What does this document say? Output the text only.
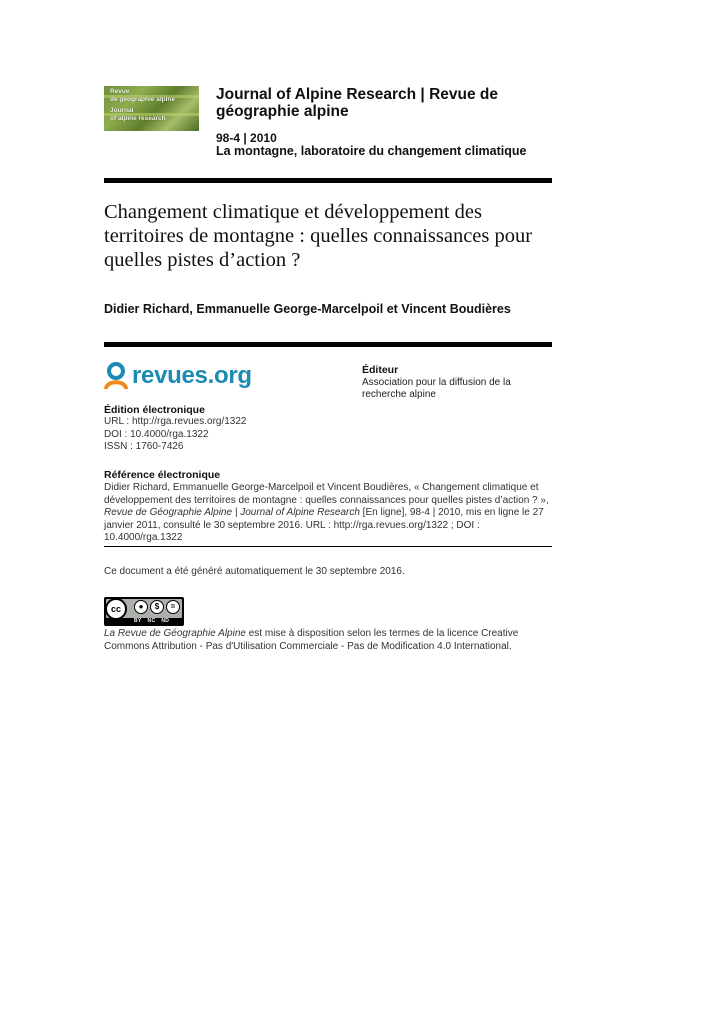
Revue
de géographie alpine
Journal
of alpine research
Journal of Alpine Research | Revue de géographie alpine
98-4 | 2010
La montagne, laboratoire du changement climatique
Changement climatique et développement des territoires de montagne : quelles connaissances pour quelles pistes d’action ?
Didier Richard, Emmanuelle George-Marcelpoil et Vincent Boudières
revues.org	Éditeur
Association pour la diffusion de la recherche alpine
Édition électronique
URL : http://rga.revues.org/1322
DOI : 10.4000/rga.1322
ISSN : 1760-7426
Référence électronique
Didier Richard, Emmanuelle George-Marcelpoil et Vincent Boudières, « Changement climatique et développement des territoires de montagne : quelles connaissances pour quelles pistes d’action ? », Revue de Géographie Alpine | Journal of Alpine Research [En ligne], 98-4 | 2010, mis en ligne le 27 janvier 2011, consulté le 30 septembre 2016. URL : http://rga.revues.org/1322 ; DOI : 10.4000/rga.1322
Ce document a été généré automatiquement le 30 septembre 2016.
cc	●	$	=
BY NC ND
La Revue de Géographie Alpine est mise à disposition selon les termes de la licence Creative Commons Attribution - Pas d'Utilisation Commerciale - Pas de Modification 4.0 International.
